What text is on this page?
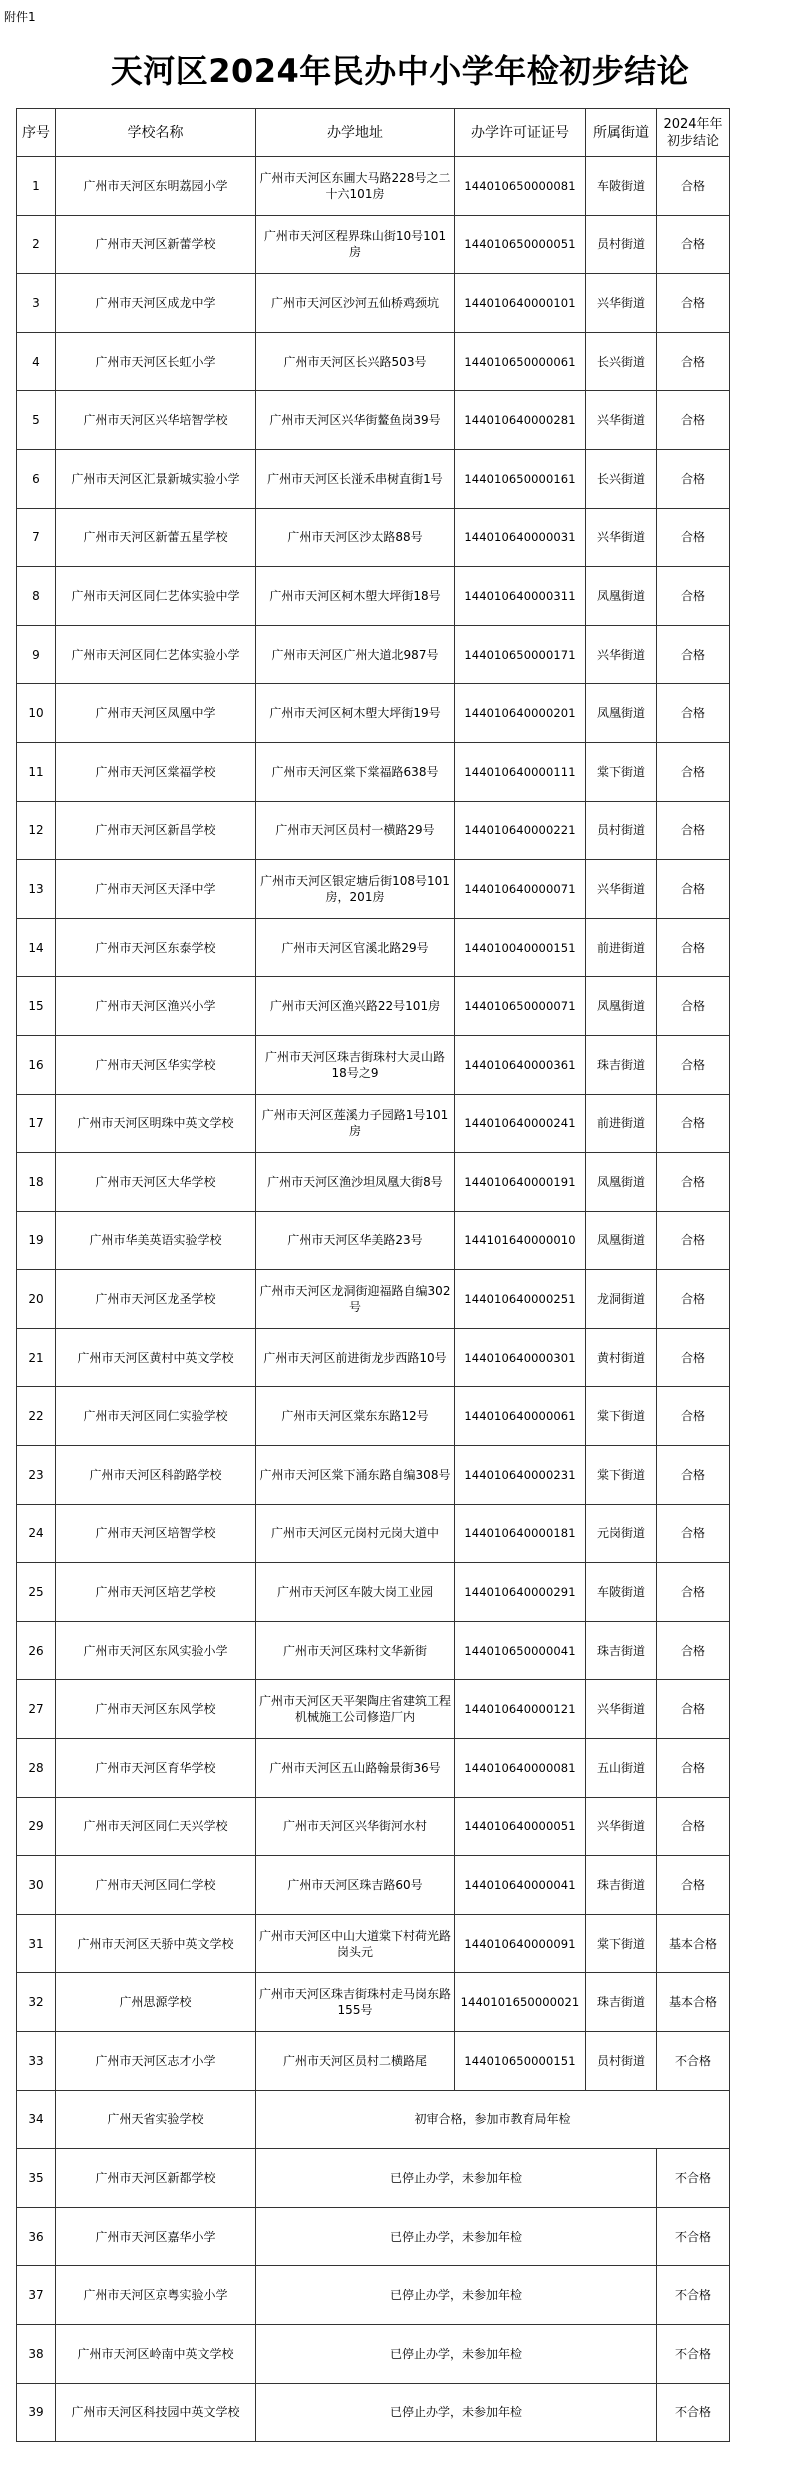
附件1
天河区2024年民办中小学年检初步结论
序号	学校名称	办学地址	办学许可证证号	所属街道	2024年年初步结论
1	广州市天河区东明荔园小学	广州市天河区东圃大马路228号之二十六101房	144010650000081	车陂街道	合格
2	广州市天河区新蕾学校	广州市天河区程界珠山街10号101房	144010650000051	员村街道	合格
3	广州市天河区成龙中学	广州市天河区沙河五仙桥鸡颈坑	144010640000101	兴华街道	合格
4	广州市天河区长虹小学	广州市天河区长兴路503号	144010650000061	长兴街道	合格
5	广州市天河区兴华培智学校	广州市天河区兴华街鳌鱼岗39号	144010640000281	兴华街道	合格
6	广州市天河区汇景新城实验小学	广州市天河区长湴禾串树直街1号	144010650000161	长兴街道	合格
7	广州市天河区新蕾五星学校	广州市天河区沙太路88号	144010640000031	兴华街道	合格
8	广州市天河区同仁艺体实验中学	广州市天河区柯木塱大坪街18号	144010640000311	凤凰街道	合格
9	广州市天河区同仁艺体实验小学	广州市天河区广州大道北987号	144010650000171	兴华街道	合格
10	广州市天河区凤凰中学	广州市天河区柯木塱大坪街19号	144010640000201	凤凰街道	合格
11	广州市天河区棠福学校	广州市天河区棠下棠福路638号	144010640000111	棠下街道	合格
12	广州市天河区新昌学校	广州市天河区员村一横路29号	144010640000221	员村街道	合格
13	广州市天河区天泽中学	广州市天河区银定塘后街108号101房，201房	144010640000071	兴华街道	合格
14	广州市天河区东泰学校	广州市天河区官溪北路29号	144010040000151	前进街道	合格
15	广州市天河区渔兴小学	广州市天河区渔兴路22号101房	144010650000071	凤凰街道	合格
16	广州市天河区华实学校	广州市天河区珠吉街珠村大灵山路18号之9	144010640000361	珠吉街道	合格
17	广州市天河区明珠中英文学校	广州市天河区莲溪力子园路1号101房	144010640000241	前进街道	合格
18	广州市天河区大华学校	广州市天河区渔沙坦凤凰大街8号	144010640000191	凤凰街道	合格
19	广州市华美英语实验学校	广州市天河区华美路23号	144101640000010	凤凰街道	合格
20	广州市天河区龙圣学校	广州市天河区龙洞街迎福路自编302号	144010640000251	龙洞街道	合格
21	广州市天河区黄村中英文学校	广州市天河区前进街龙步西路10号	144010640000301	黄村街道	合格
22	广州市天河区同仁实验学校	广州市天河区棠东东路12号	144010640000061	棠下街道	合格
23	广州市天河区科韵路学校	广州市天河区棠下涌东路自编308号	144010640000231	棠下街道	合格
24	广州市天河区培智学校	广州市天河区元岗村元岗大道中	144010640000181	元岗街道	合格
25	广州市天河区培艺学校	广州市天河区车陂大岗工业园	144010640000291	车陂街道	合格
26	广州市天河区东风实验小学	广州市天河区珠村文华新街	144010650000041	珠吉街道	合格
27	广州市天河区东风学校	广州市天河区天平架陶庄省建筑工程机械施工公司修造厂内	144010640000121	兴华街道	合格
28	广州市天河区育华学校	广州市天河区五山路翰景街36号	144010640000081	五山街道	合格
29	广州市天河区同仁天兴学校	广州市天河区兴华街河水村	144010640000051	兴华街道	合格
30	广州市天河区同仁学校	广州市天河区珠吉路60号	144010640000041	珠吉街道	合格
31	广州市天河区天骄中英文学校	广州市天河区中山大道棠下村荷光路岗头元	144010640000091	棠下街道	基本合格
32	广州思源学校	广州市天河区珠吉街珠村走马岗东路155号	1440101650000021	珠吉街道	基本合格
33	广州市天河区志才小学	广州市天河区员村二横路尾	144010650000151	员村街道	不合格
34	广州天省实验学校	初审合格，参加市教育局年检			
35	广州市天河区新都学校	已停止办学，未参加年检			不合格
36	广州市天河区嘉华小学	已停止办学，未参加年检			不合格
37	广州市天河区京粤实验小学	已停止办学，未参加年检			不合格
38	广州市天河区岭南中英文学校	已停止办学，未参加年检			不合格
39	广州市天河区科技园中英文学校	已停止办学，未参加年检			不合格
